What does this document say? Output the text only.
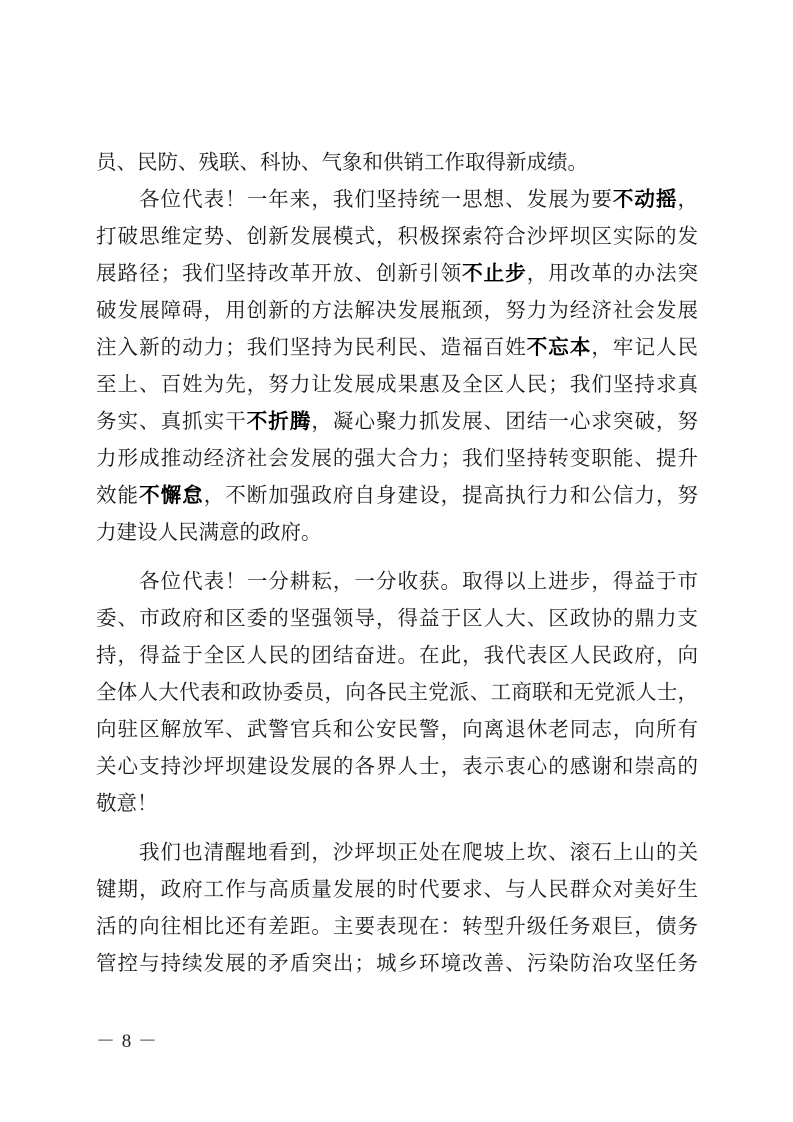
员、民防、残联、科协、气象和供销工作取得新成绩。
各位代表！一年来，我们坚持统一思想、发展为要不动摇，
打破思维定势、创新发展模式，积极探索符合沙坪坝区实际的发
展路径；我们坚持改革开放、创新引领不止步，用改革的办法突
破发展障碍，用创新的方法解决发展瓶颈，努力为经济社会发展
注入新的动力；我们坚持为民利民、造福百姓不忘本，牢记人民
至上、百姓为先，努力让发展成果惠及全区人民；我们坚持求真
务实、真抓实干不折腾，凝心聚力抓发展、团结一心求突破，努
力形成推动经济社会发展的强大合力；我们坚持转变职能、提升
效能不懈怠，不断加强政府自身建设，提高执行力和公信力，努
力建设人民满意的政府。
各位代表！一分耕耘，一分收获。取得以上进步，得益于市
委、市政府和区委的坚强领导，得益于区人大、区政协的鼎力支
持，得益于全区人民的团结奋进。在此，我代表区人民政府，向
全体人大代表和政协委员，向各民主党派、工商联和无党派人士，
向驻区解放军、武警官兵和公安民警，向离退休老同志，向所有
关心支持沙坪坝建设发展的各界人士，表示衷心的感谢和崇高的
敬意！
我们也清醒地看到，沙坪坝正处在爬坡上坎、滚石上山的关
键期，政府工作与高质量发展的时代要求、与人民群众对美好生
活的向往相比还有差距。主要表现在：转型升级任务艰巨，债务
管控与持续发展的矛盾突出；城乡环境改善、污染防治攻坚任务
－ 8 －
